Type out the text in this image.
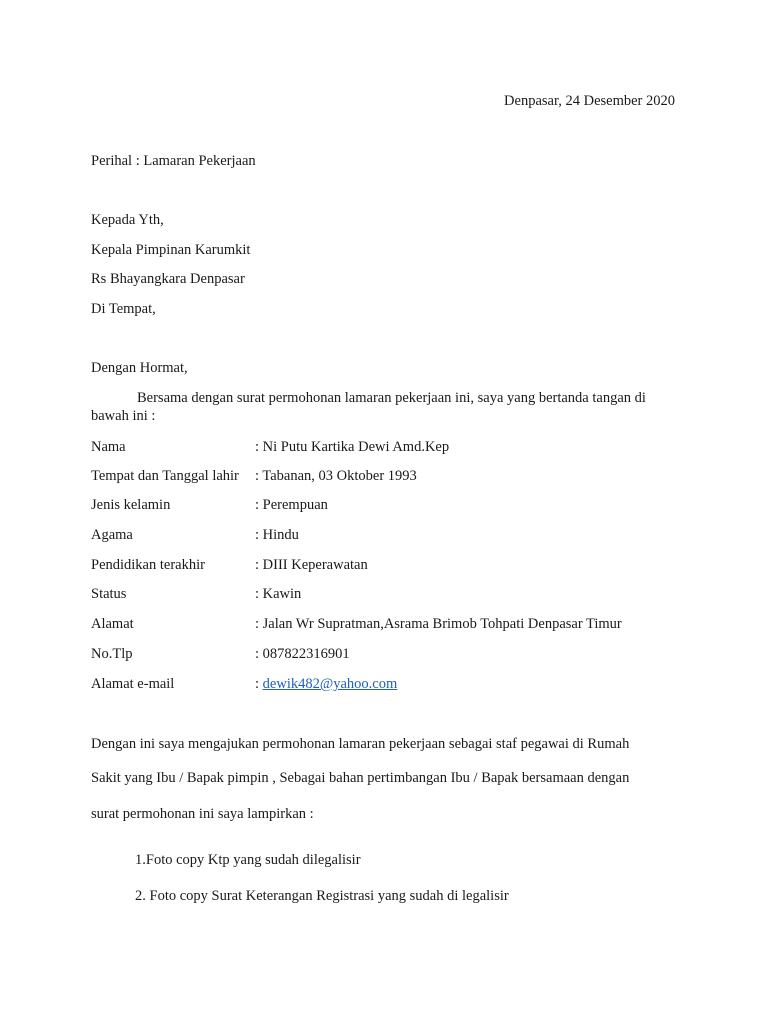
Denpasar, 24 Desember 2020
Perihal : Lamaran Pekerjaan
Kepada Yth,
Kepala Pimpinan Karumkit
Rs Bhayangkara Denpasar
Di Tempat,
Dengan Hormat,
Bersama dengan surat permohonan lamaran pekerjaan ini, saya yang bertanda tangan di
bawah ini :
Nama	: Ni Putu Kartika Dewi Amd.Kep
Tempat dan Tanggal lahir : Tabanan, 03 Oktober 1993
Jenis kelamin	: Perempuan
Agama	: Hindu
Pendidikan terakhir	: DIII Keperawatan
Status	: Kawin
Alamat	: Jalan Wr Supratman,Asrama Brimob Tohpati Denpasar Timur
No.Tlp	: 087822316901
Alamat e-mail	: dewik482@yahoo.com
Dengan ini saya mengajukan permohonan lamaran pekerjaan sebagai staf pegawai di Rumah
Sakit yang Ibu / Bapak pimpin , Sebagai bahan pertimbangan Ibu / Bapak bersamaan dengan
surat permohonan ini saya lampirkan :
1.Foto copy Ktp yang sudah dilegalisir
2. Foto copy Surat Keterangan Registrasi yang sudah di legalisir
